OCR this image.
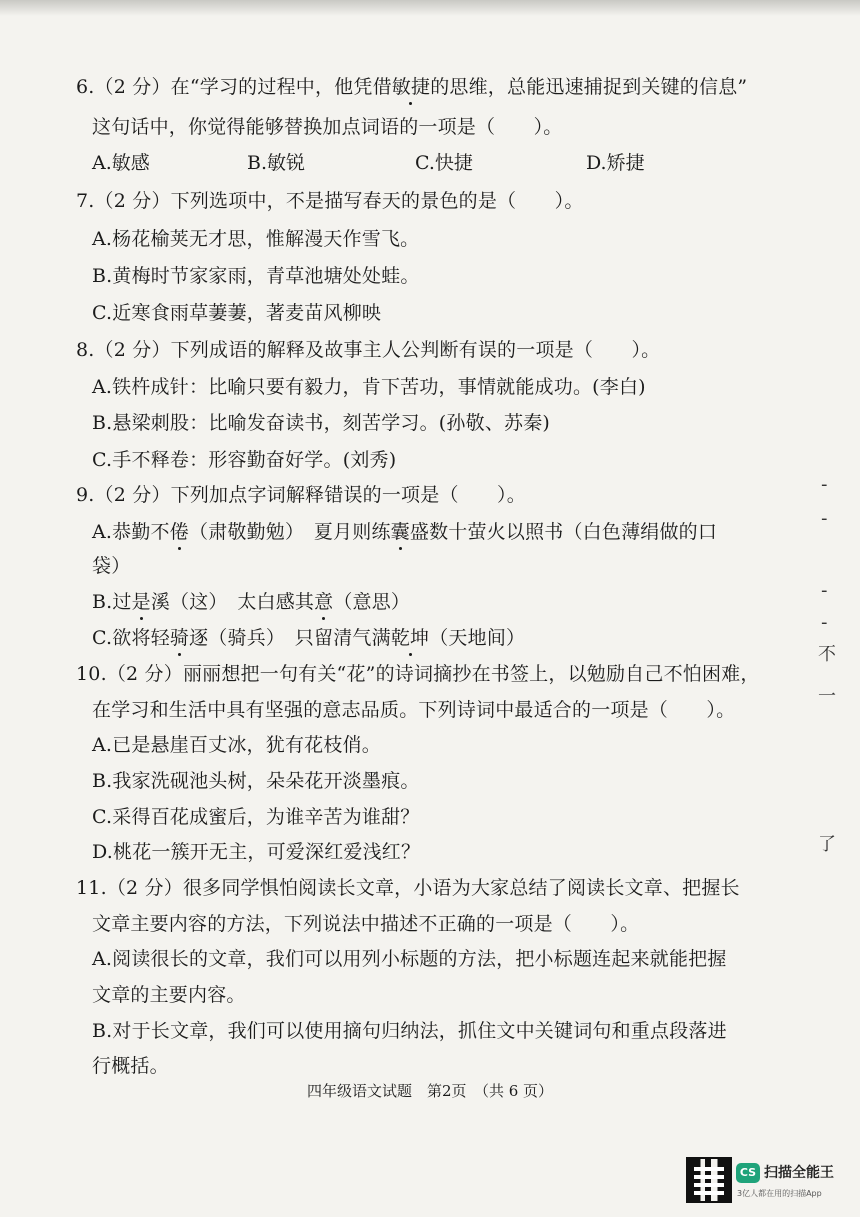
6.（2 分）在“学习的过程中，他凭借敏捷的思维，总能迅速捕捉到关键的信息”
这句话中，你觉得能够替换加点词语的一项是（　　）。
A.敏感	B.敏锐	C.快捷	D.矫捷
7.（2 分）下列选项中，不是描写春天的景色的是（　　）。
A.杨花榆荚无才思，惟解漫天作雪飞。
B.黄梅时节家家雨，青草池塘处处蛙。
C.近寒食雨草萋萋，著麦苗风柳映
8.（2 分）下列成语的解释及故事主人公判断有误的一项是（　　）。
A.铁杵成针：比喻只要有毅力，肯下苦功，事情就能成功。(李白)
B.悬梁刺股：比喻发奋读书，刻苦学习。(孙敬、苏秦)
C.手不释卷：形容勤奋好学。(刘秀)
9.（2 分）下列加点字词解释错误的一项是（　　）。
A.恭勤不倦（肃敬勤勉）　夏月则练囊盛数十萤火以照书（白色薄绢做的口
袋）
B.过是溪（这）　太白感其意（意思）
C.欲将轻骑逐（骑兵）　只留清气满乾坤（天地间）
10.（2 分）丽丽想把一句有关“花”的诗词摘抄在书签上，以勉励自己不怕困难，
在学习和生活中具有坚强的意志品质。下列诗词中最适合的一项是（　　）。
A.已是悬崖百丈冰，犹有花枝俏。
B.我家洗砚池头树，朵朵花开淡墨痕。
C.采得百花成蜜后，为谁辛苦为谁甜？
D.桃花一簇开无主，可爱深红爱浅红？
11.（2 分）很多同学惧怕阅读长文章，小语为大家总结了阅读长文章、把握长
文章主要内容的方法，下列说法中描述不正确的一项是（　　）。
A.阅读很长的文章，我们可以用列小标题的方法，把小标题连起来就能把握
文章的主要内容。
B.对于长文章，我们可以使用摘句归纳法，抓住文中关键词句和重点段落进
行概括。
四年级语文试题　第2页　（共 6 页）
-
-
-
-
不
一
了
CS 扫描全能王
3亿人都在用的扫描App
